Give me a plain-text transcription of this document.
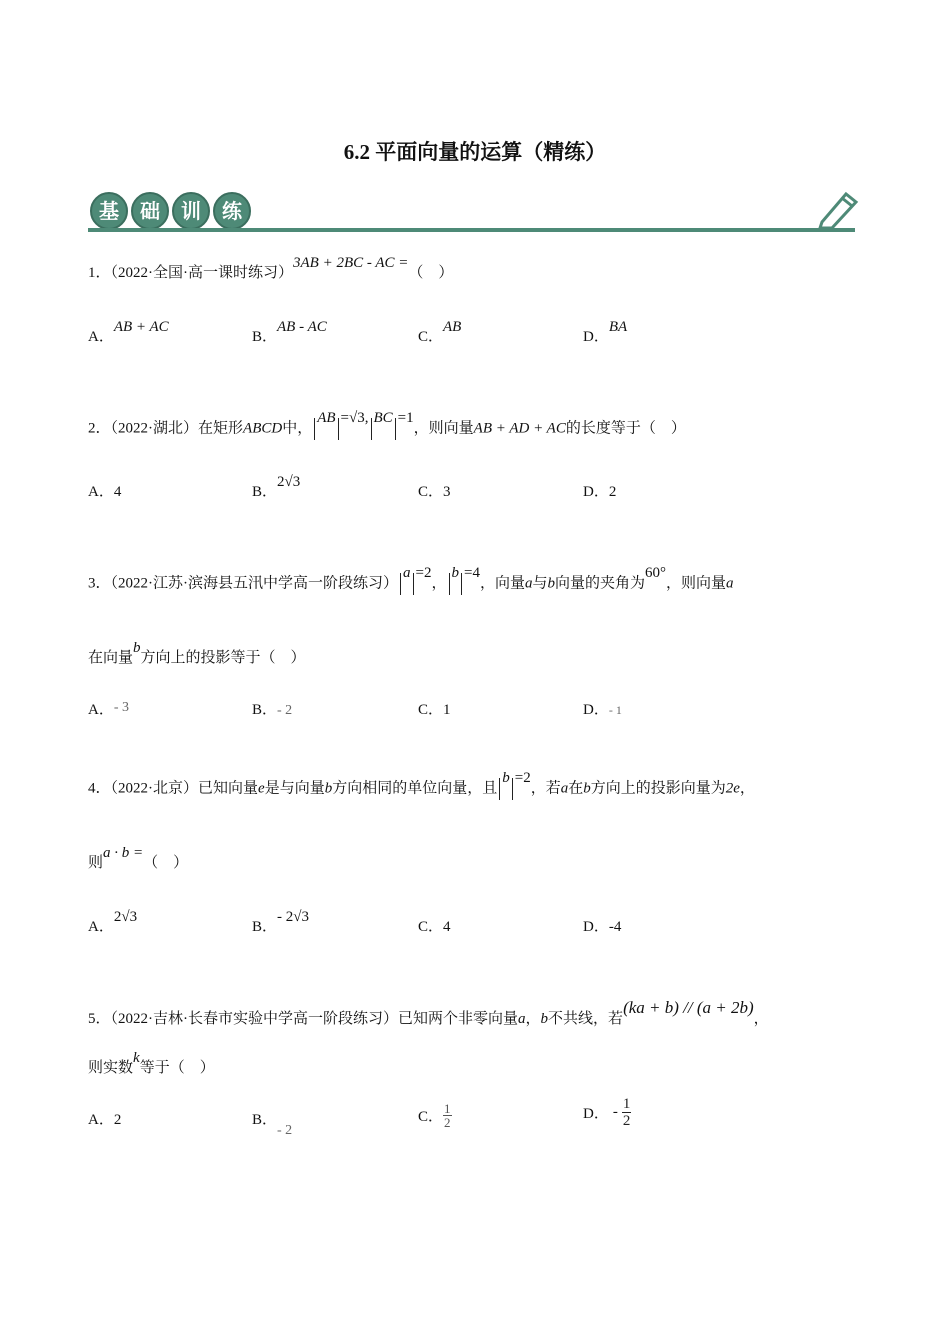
6.2 平面向量的运算（精练）
基	础	训	练
1．（2022·全国·高一课时练习）3AB + 2BC - AC =（　）
A．AB + AC
B．AB - AC
C．AB
D．BA
2．（2022·湖北）在矩形ABCD中，AB =√3, BC =1，则向量AB + AD + AC的长度等于（　）
A．4	B．2√3
C．3	D．2
3．（2022·江苏·滨海县五汛中学高一阶段练习）a =2，b =4，向量a与b向量的夹角为60°，则向量a
在向量b方向上的投影等于（　）
A．- 3	B．- 2	C．1	D．- 1
4．（2022·北京）已知向量e是与向量b方向相同的单位向量，且b =2，若a在b方向上的投影向量为2e，
则a · b =（　）
A．2√3
B．- 2√3
C．4	D．-4
5．（2022·吉林·长春市实验中学高一阶段练习）已知两个非零向量a，b不共线，若(ka + b) // (a + 2b)，
则实数k等于（　）
A．2	B．- 2
C． $\frac{1}{2}$	D． - $\frac{1}{2}$
